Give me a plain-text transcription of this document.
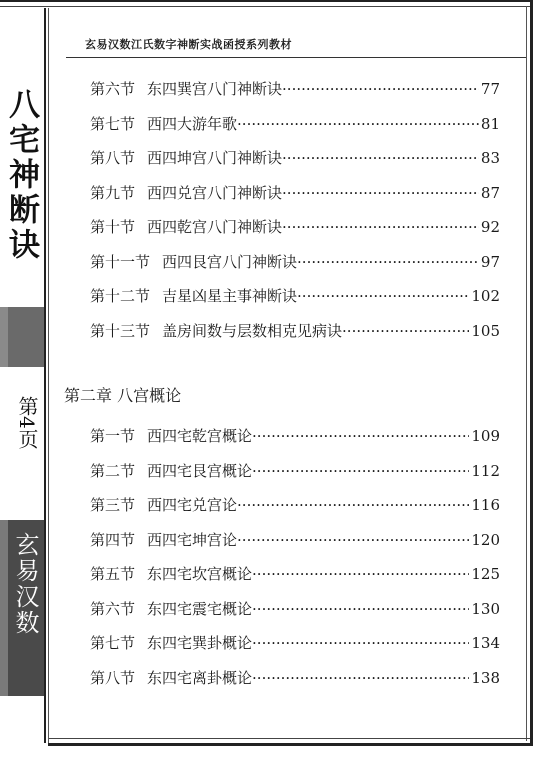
八宅神断诀
第4页
玄易汉数
玄易汉数江氏数字神断实战函授系列教材
第六节 东四巽宫八门神断诀 ·····	77
第七节 西四大游年歌 ·····	81
第八节 西四坤宫八门神断诀 ·····	83
第九节 西四兑宫八门神断诀 ·····	87
第十节 西四乾宫八门神断诀 ·····	92
第十一节 西四艮宫八门神断诀 ·····	97
第十二节 吉星凶星主事神断诀 ·····	102
第十三节 盖房间数与层数相克见病诀 ·····	105
第二章 八宫概论
第一节 西四宅乾宫概论 ·····	109
第二节 西四宅艮宫概论 ·····	112
第三节 西四宅兑宫论 ·····	116
第四节 西四宅坤宫论 ·····	120
第五节 东四宅坎宫概论 ·····	125
第六节 东四宅震宅概论 ·····	130
第七节 东四宅巽卦概论 ·····	134
第八节 东四宅离卦概论 ·····	138
